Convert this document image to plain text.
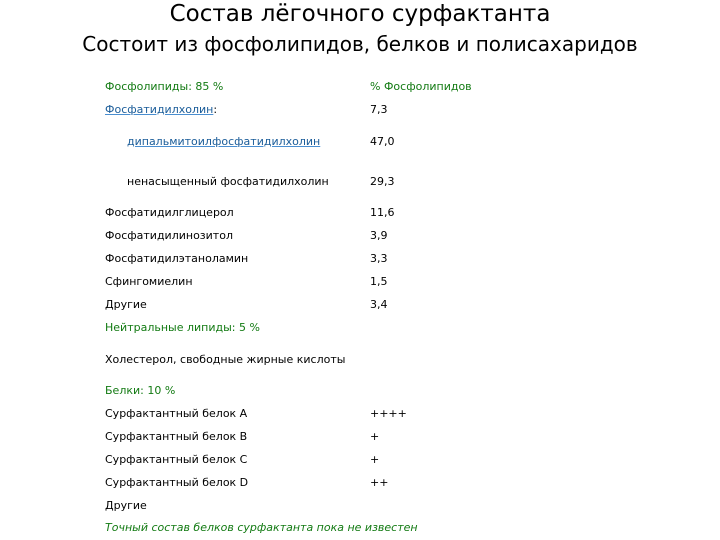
Состав лёгочного сурфактанта
Состоит из фосфолипидов, белков и полисахаридов
Фосфолипиды: 85 %	% Фосфолипидов
Фосфатидилхолин:	7,3
дипальмитоилфосфатидилхолин	47,0
ненасыщенный фосфатидилхолин	29,3
Фосфатидилглицерол	11,6
Фосфатидилинозитол	3,9
Фосфатидилэтаноламин	3,3
Сфингомиелин	1,5
Другие	3,4
Нейтральные липиды: 5 %
Холестерол, свободные жирные кислоты
Белки: 10 %
Сурфактантный белок А	++++
Сурфактантный белок В	+
Сурфактантный белок С	+
Сурфактантный белок D	++
Другие
Точный состав белков сурфактанта пока не известен
